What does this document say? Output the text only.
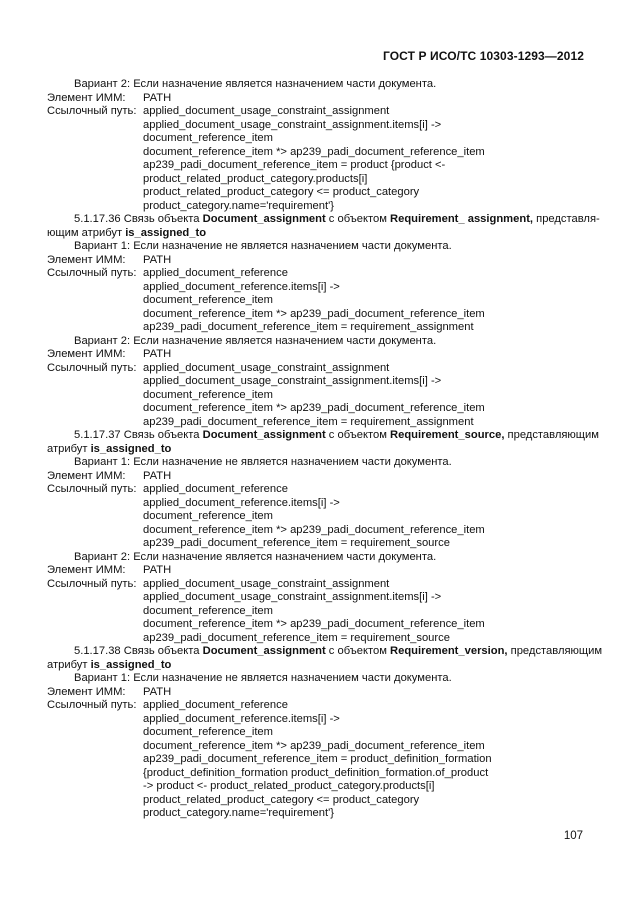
ГОСТ Р ИСО/ТС 10303-1293—2012
Вариант 2: Если назначение является назначением части документа.
Элемент ИММ:	PATH
Ссылочный путь: applied_document_usage_constraint_assignment
applied_document_usage_constraint_assignment.items[i] ->
document_reference_item
document_reference_item *> ap239_padi_document_reference_item
ap239_padi_document_reference_item = product {product <-
product_related_product_category.products[i]
product_related_product_category <= product_category
product_category.name='requirement'}
5.1.17.36 Связь объекта Document_assignment с объектом Requirement_ assignment, представля-
ющим атрибут is_assigned_to
Вариант 1: Если назначение не является назначением части документа.
Элемент ИММ:	PATH
Ссылочный путь: applied_document_reference
applied_document_reference.items[i] ->
document_reference_item
document_reference_item *> ap239_padi_document_reference_item
ap239_padi_document_reference_item = requirement_assignment
Вариант 2: Если назначение является назначением части документа.
Элемент ИММ:	PATH
Ссылочный путь: applied_document_usage_constraint_assignment
applied_document_usage_constraint_assignment.items[i] ->
document_reference_item
document_reference_item *> ap239_padi_document_reference_item
ap239_padi_document_reference_item = requirement_assignment
5.1.17.37 Связь объекта Document_assignment с объектом Requirement_source, представляющим
атрибут is_assigned_to
Вариант 1: Если назначение не является назначением части документа.
Элемент ИММ:	PATH
Ссылочный путь: applied_document_reference
applied_document_reference.items[i] ->
document_reference_item
document_reference_item *> ap239_padi_document_reference_item
ap239_padi_document_reference_item = requirement_source
Вариант 2: Если назначение является назначением части документа.
Элемент ИММ:	PATH
Ссылочный путь: applied_document_usage_constraint_assignment
applied_document_usage_constraint_assignment.items[i] ->
document_reference_item
document_reference_item *> ap239_padi_document_reference_item
ap239_padi_document_reference_item = requirement_source
5.1.17.38 Связь объекта Document_assignment с объектом Requirement_version, представляющим
атрибут is_assigned_to
Вариант 1: Если назначение не является назначением части документа.
Элемент ИММ:	PATH
Ссылочный путь: applied_document_reference
applied_document_reference.items[i] ->
document_reference_item
document_reference_item *> ap239_padi_document_reference_item
ap239_padi_document_reference_item = product_definition_formation
{product_definition_formation product_definition_formation.of_product
-> product <- product_related_product_category.products[i]
product_related_product_category <= product_category
product_category.name='requirement'}
107
